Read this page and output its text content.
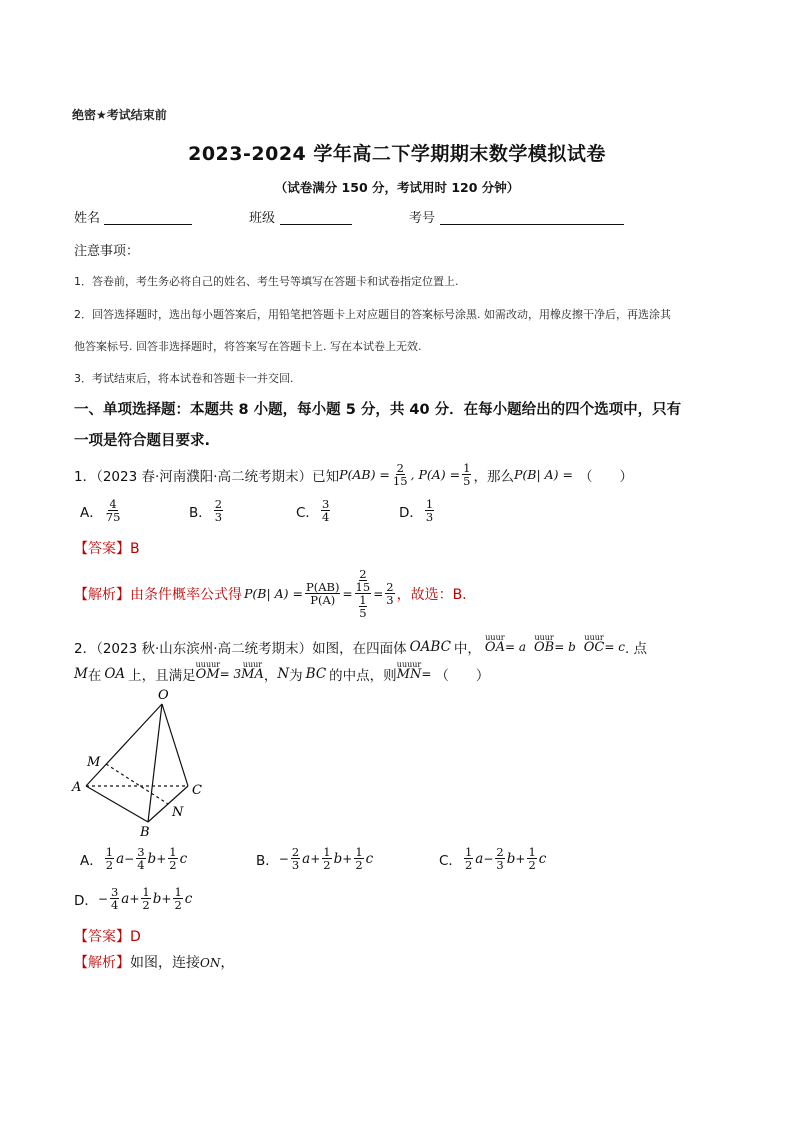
绝密★考试结束前
2023-2024 学年高二下学期期末数学模拟试卷
（试卷满分 150 分，考试用时 120 分钟）
姓名	班级	考号
注意事项：
1．答卷前，考生务必将自己的姓名、考生号等填写在答题卡和试卷指定位置上.
2．回答选择题时，选出每小题答案后，用铅笔把答题卡上对应题目的答案标号涂黑. 如需改动，用橡皮擦干净后，再选涂其
他答案标号. 回答非选择题时，将答案写在答题卡上. 写在本试卷上无效.
3．考试结束后，将本试卷和答题卡一并交回.
一、单项选择题：本题共 8 小题，每小题 5 分，共 40 分．在每小题给出的四个选项中，只有
一项是符合题目要求.
1．（2023 春·河南濮阳·高二统考期末）已知 $P(AB) = \frac{2}{15}$ , $P(A) = \frac{1}{5}$ ，那么 P(B| A) = （　　）
A． $\frac{4}{75}$	B． $\frac{2}{3}$	C． $\frac{3}{4}$	D． $\frac{1}{3}$
【答案】B
【解析】 由条件概率公式得 P(B| $A) = \frac{P(AB)}{P(A)} = 2$
15
1
$5 = \frac{2}{3}$ ，故选：B.
2．（2023 秋·山东滨州·高二统考期末）如图，在四面体 OABC 中，
uuur
OA = a
uuur
OB = b
uuur
OC = c . 点
M 在 OA 上，且满足
uuuur
OM = 3
uuur
MA ， N 为 BC 的中点，则
uuuur
MN = （　　）
O
M
A	C
N
B
A． $\frac{1}{2}$ $a - \frac{3}{4}$ $b + \frac{1}{2}$ c	B． − $\frac{2}{3}$ $a + \frac{1}{2}$ $b + \frac{1}{2}$ c	C． $\frac{1}{2}$ $a - \frac{2}{3}$ $b + \frac{1}{2}$ c
D． − $\frac{3}{4}$ $a + \frac{1}{2}$ $b + \frac{1}{2}$ c
【答案】D
【解析】如图，连接ON，
